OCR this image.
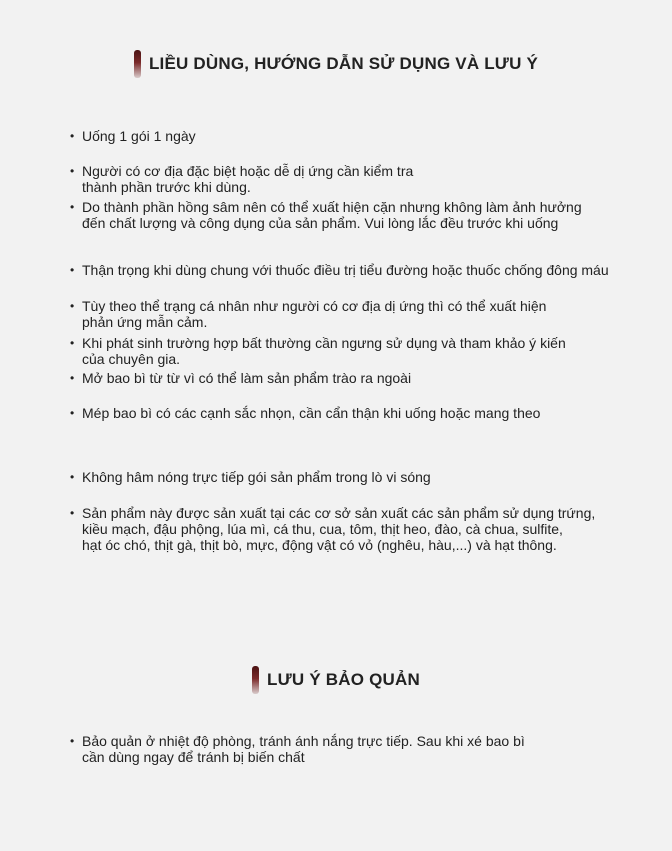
LIỀU DÙNG, HƯỚNG DẪN SỬ DỤNG VÀ LƯU Ý
• Uống 1 gói 1 ngày
• Người có cơ địa đặc biệt hoặc dễ dị ứng cần kiểm tra
thành phần trước khi dùng.
• Do thành phần hồng sâm nên có thể xuất hiện cặn nhưng không làm ảnh hưởng
đến chất lượng và công dụng của sản phẩm. Vui lòng lắc đều trước khi uống
• Thận trọng khi dùng chung với thuốc điều trị tiểu đường hoặc thuốc chống đông máu
• Tùy theo thể trạng cá nhân như người có cơ địa dị ứng thì có thể xuất hiện
phản ứng mẫn cảm.
• Khi phát sinh trường hợp bất thường cần ngưng sử dụng và tham khảo ý kiến
của chuyên gia.
• Mở bao bì từ từ vì có thể làm sản phẩm trào ra ngoài
• Mép bao bì có các cạnh sắc nhọn, cần cẩn thận khi uống hoặc mang theo
• Không hâm nóng trực tiếp gói sản phẩm trong lò vi sóng
• Sản phẩm này được sản xuất tại các cơ sở sản xuất các sản phẩm sử dụng trứng,
kiều mạch, đậu phộng, lúa mì, cá thu, cua, tôm, thịt heo, đào, cà chua, sulfite,
hạt óc chó, thịt gà, thịt bò, mực, động vật có vỏ (nghêu, hàu,...) và hạt thông.
LƯU Ý BẢO QUẢN
• Bảo quản ở nhiệt độ phòng, tránh ánh nắng trực tiếp. Sau khi xé bao bì
cần dùng ngay để tránh bị biến chất
